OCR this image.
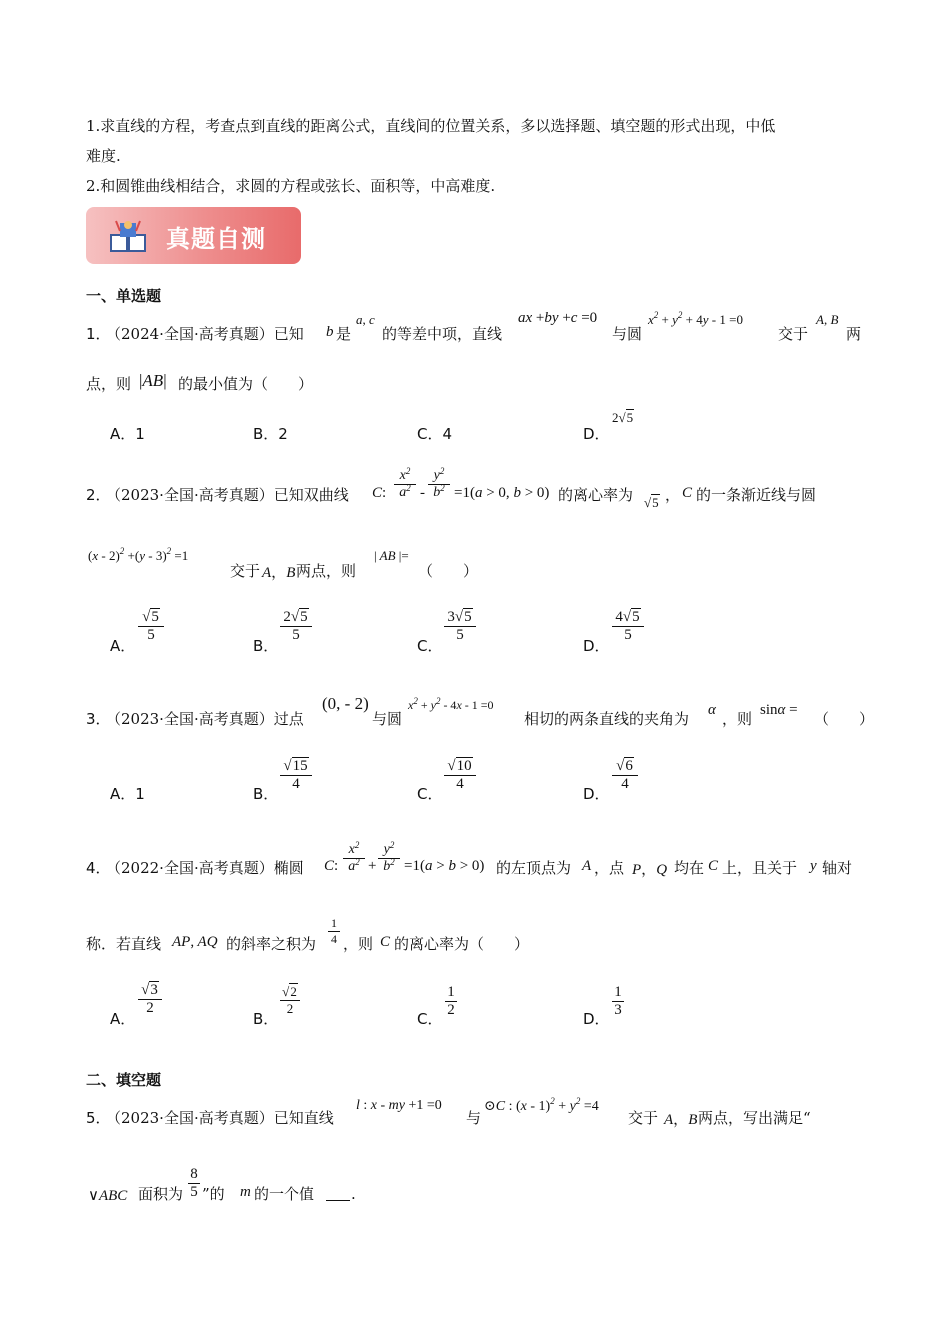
1.求直线的方程，考查点到直线的距离公式，直线间的位置关系，多以选择题、填空题的形式出现，中低
难度.
2.和圆锥曲线相结合，求圆的方程或弦长、面积等，中高难度.
真题自测
一、单选题
1．
（2024·全国·高考真题）已知 b 是
a, c
的等差中项，直线
ax +by +c =0
与圆
$x^2 + y^2 + 4y - 1 =0$
交于
A, B
两
点，则 |AB| 的最小值为（　　）
A．1	B．2	C．4	D．
2√5
2．
（2023·全国·高考真题）已知双曲线 C:
$x^2$
$a^2$ -
$y^2$
$b^2 =1(a > 0$, b > 0) 的离心率为 √5 ， C 的一条渐近线与圆
(x - 2)$^2$ +(y - 3)$^2$ =1
交于 A，B 两点，则
| AB |=
（　　）
A．
√5
5
B．
2√5
5
C．
3√5
5
D．
4√5
5
3．
（2023·全国·高考真题）过点
(0, - 2)
与圆
$x^2 + y^2 - 4x - 1 =0$
相切的两条直线的夹角为 α ，则 sinα = （　　）
A．1	B．
√15
4
C．
√10
4
D．
√6
4
4．
（2022·全国·高考真题）椭圆 C:
$x^2$
$a^2$ +
$y^2$
$b^2 =1(a > b > 0)$ 的左顶点为 A ，点 P，Q 均在 C 上，且关于 y 轴对
称．若直线 AP, AQ 的斜率之积为
1
4 ，则 C 的离心率为（　　）
A．
√3
2
B．
√2
2
C．
1
2	D．
1
3
二、填空题
5．
（2023·全国·高考真题）已知直线
l : x - my +1 =0
与
⊙C : $(x - 1)^2 + y^2 =4$
交于 A，B 两点，写出满足“
∨ABC 面积为
8
5 ”的 m 的一个值 .
